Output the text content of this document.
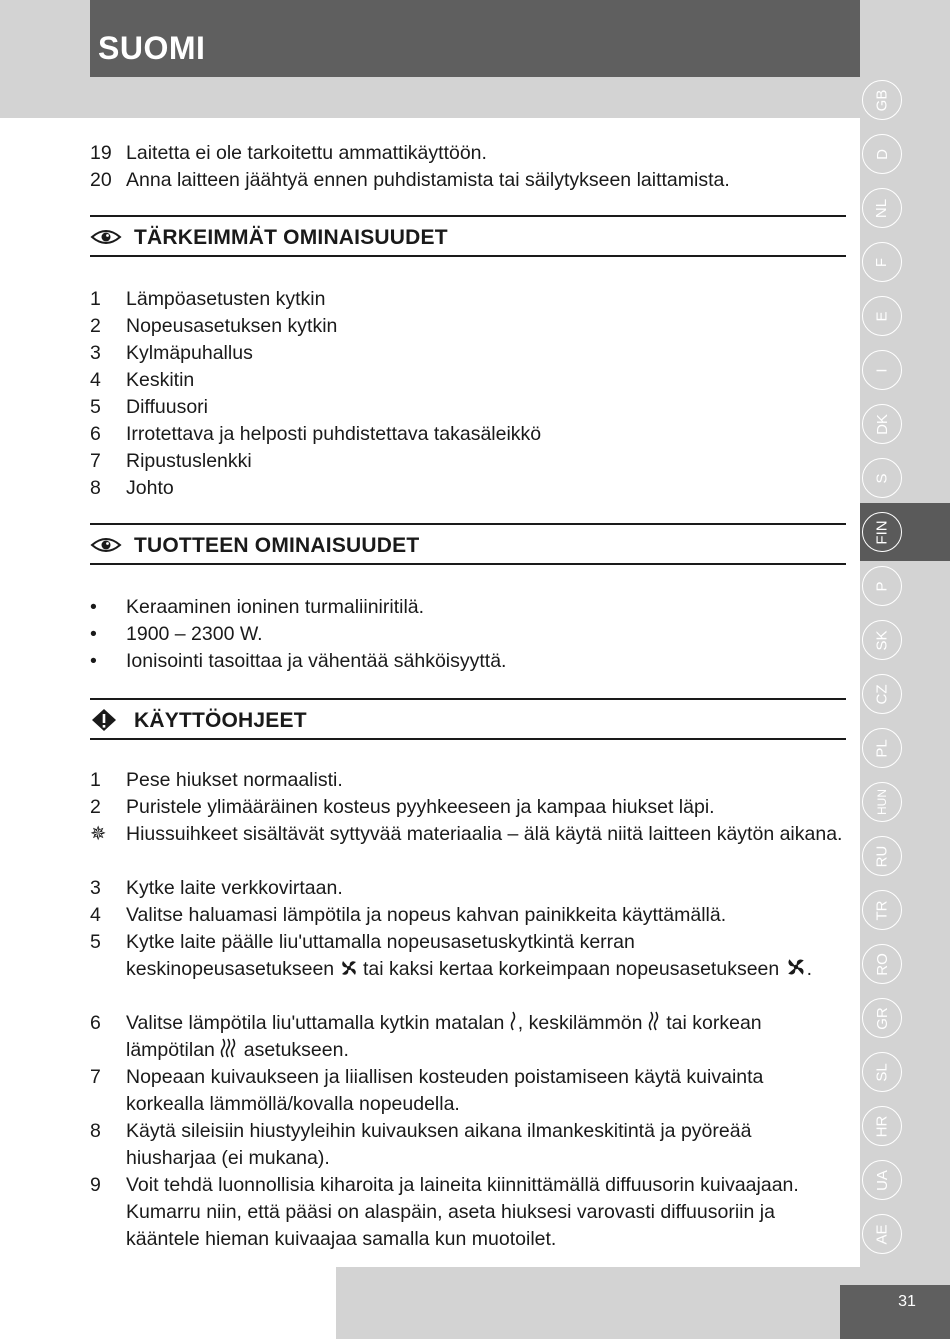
SUOMI
GB
D
NL
F
E
I
DK
S
FIN
P
SK
CZ
PL
HUN
RU
TR
RO
GR
SL
HR
UA
AE
19 Laitetta ei ole tarkoitettu ammattikäyttöön.
20 Anna laitteen jäähtyä ennen puhdistamista tai säilytykseen laittamista.
TÄRKEIMMÄT OMINAISUUDET
1	Lämpöasetusten kytkin
2	Nopeusasetuksen kytkin
3	Kylmäpuhallus
4	Keskitin
5	Diffuusori
6	Irrotettava ja helposti puhdistettava takasäleikkö
7	Ripustuslenkki
8	Johto
TUOTTEEN OMINAISUUDET
•	Keraaminen ioninen turmaliiniritilä.
•	1900 – 2300 W.
•	Ionisointi tasoittaa ja vähentää sähköisyyttä.
KÄYTTÖOHJEET
1	Pese hiukset normaalisti.
2	Puristele ylimääräinen kosteus pyyhkeeseen ja kampaa hiukset läpi.
✵	Hiussuihkeet sisältävät syttyvää materiaalia – älä käytä niitä laitteen käytön aikana.
3	Kytke laite verkkovirtaan.
4	Valitse haluamasi lämpötila ja nopeus kahvan painikkeita käyttämällä.
5	Kytke laite päälle liu'uttamalla nopeusasetuskytkintä kerran keskinopeusasetukseen tai kaksi kertaa korkeimpaan nopeusasetukseen .
6	Valitse lämpötila liu'uttamalla kytkin matalan , keskilämmön tai korkean lämpötilan asetukseen.
7	Nopeaan kuivaukseen ja liiallisen kosteuden poistamiseen käytä kuivainta korkealla lämmöllä/kovalla nopeudella.
8	Käytä sileisiin hiustyyleihin kuivauksen aikana ilmankeskitintä ja pyöreää hiusharjaa (ei mukana).
9	Voit tehdä luonnollisia kiharoita ja laineita kiinnittämällä diffuusorin kuivaajaan. Kumarru niin, että pääsi on alaspäin, aseta hiuksesi varovasti diffuusoriin ja kääntele hieman kuivaajaa samalla kun muotoilet.
31
